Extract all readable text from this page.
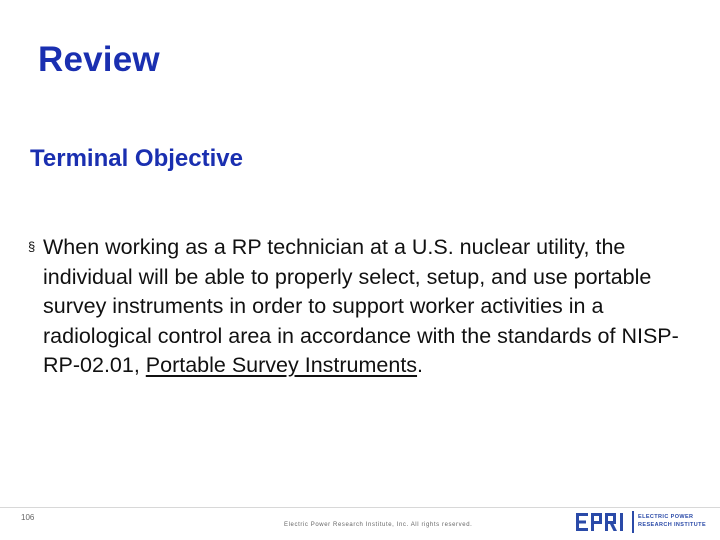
Review
Terminal Objective

§ When working as a RP technician at a U.S. nuclear utility, the individual will be able to properly select, setup, and use portable survey instruments in order to support worker activities in a radiological control area in accordance with the standards of NISP-RP-02.01, Portable Survey Instruments.

106
Electric Power Research Institute, Inc. All rights reserved.
ELECTRIC POWER
RESEARCH INSTITUTE
